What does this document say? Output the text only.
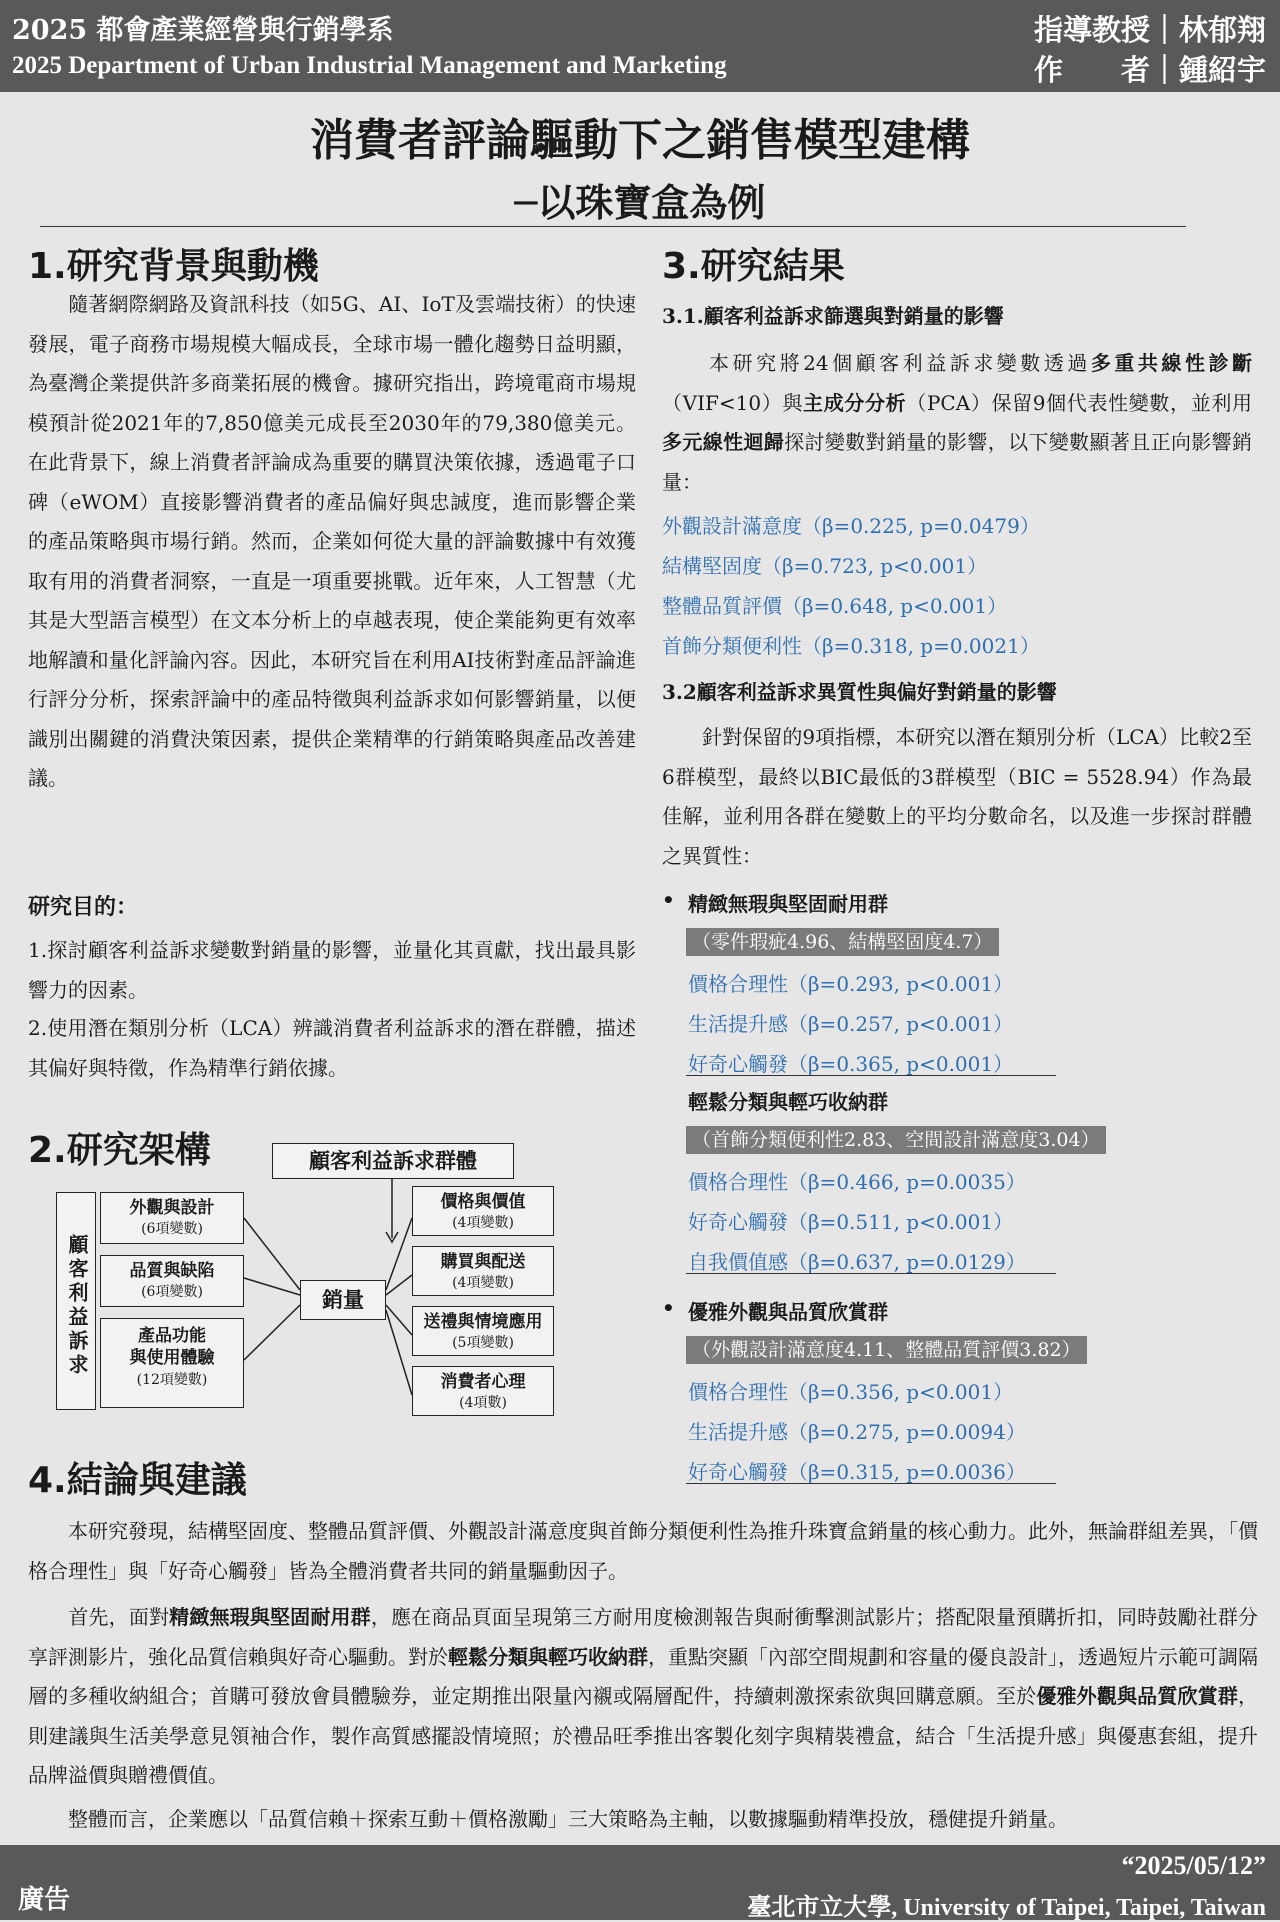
2025 都會產業經營與行銷學系
2025 Department of Urban Industrial Management and Marketing
指導教授｜林郁翔
作　　者｜鍾紹宇
消費者評論驅動下之銷售模型建構
─以珠寶盒為例
1.研究背景與動機
　　隨著網際網路及資訊科技（如5G、AI、IoT及雲端技術）的快速發展，電子商務市場規模大幅成長，全球市場一體化趨勢日益明顯，為臺灣企業提供許多商業拓展的機會。據研究指出，跨境電商市場規模預計從2021年的7,850億美元成長至2030年的79,380億美元。在此背景下，線上消費者評論成為重要的購買決策依據，透過電子口碑（eWOM）直接影響消費者的產品偏好與忠誠度，進而影響企業的產品策略與市場行銷。然而，企業如何從大量的評論數據中有效獲取有用的消費者洞察，一直是一項重要挑戰。近年來，人工智慧（尤其是大型語言模型）在文本分析上的卓越表現，使企業能夠更有效率地解讀和量化評論內容。因此，本研究旨在利用AI技術對產品評論進行評分分析，探索評論中的產品特徵與利益訴求如何影響銷量，以便識別出關鍵的消費決策因素，提供企業精準的行銷策略與產品改善建議。
研究目的：
1.探討顧客利益訴求變數對銷量的影響，並量化其貢獻，找出最具影響力的因素。
2.使用潛在類別分析（LCA）辨識消費者利益訴求的潛在群體，描述其偏好與特徵，作為精準行銷依據。
2.研究架構	顧客利益訴求群體
顧客利益訴求
外觀與設計
(6項變數)
品質與缺陷
(6項變數)
產品功能
與使用體驗
(12項變數)
銷量
價格與價值
(4項變數)
購買與配送
(4項變數)
送禮與情境應用
(5項變數)
消費者心理
(4項數)
3.研究結果
3.1.顧客利益訴求篩選與對銷量的影響
　　本研究將24個顧客利益訴求變數透過多重共線性診斷（VIF<10）與主成分分析（PCA）保留9個代表性變數，並利用多元線性迴歸探討變數對銷量的影響，以下變數顯著且正向影響銷量：
外觀設計滿意度（β=0.225, p=0.0479）
結構堅固度（β=0.723, p<0.001）
整體品質評價（β=0.648, p<0.001）
首飾分類便利性（β=0.318, p=0.0021）
3.2顧客利益訴求異質性與偏好對銷量的影響
　　針對保留的9項指標，本研究以潛在類別分析（LCA）比較2至6群模型，最終以BIC最低的3群模型（BIC = 5528.94）作為最佳解，並利用各群在變數上的平均分數命名，以及進一步探討群體之異質性：
• 精緻無瑕與堅固耐用群
（零件瑕疵4.96、結構堅固度4.7）
價格合理性（β=0.293, p<0.001）
生活提升感（β=0.257, p<0.001）
好奇心觸發（β=0.365, p<0.001）
輕鬆分類與輕巧收納群
（首飾分類便利性2.83、空間設計滿意度3.04）
價格合理性（β=0.466, p=0.0035）
好奇心觸發（β=0.511, p<0.001）
自我價值感（β=0.637, p=0.0129）
• 優雅外觀與品質欣賞群
（外觀設計滿意度4.11、整體品質評價3.82）
價格合理性（β=0.356, p<0.001）
生活提升感（β=0.275, p=0.0094）
好奇心觸發（β=0.315, p=0.0036）
4.結論與建議
　　本研究發現，結構堅固度、整體品質評價、外觀設計滿意度與首飾分類便利性為推升珠寶盒銷量的核心動力。此外，無論群組差異，「價格合理性」與「好奇心觸發」皆為全體消費者共同的銷量驅動因子。
　　首先，面對精緻無瑕與堅固耐用群，應在商品頁面呈現第三方耐用度檢測報告與耐衝擊測試影片；搭配限量預購折扣，同時鼓勵社群分享評測影片，強化品質信賴與好奇心驅動。對於輕鬆分類與輕巧收納群，重點突顯「內部空間規劃和容量的優良設計」，透過短片示範可調隔層的多種收納組合；首購可發放會員體驗券，並定期推出限量內襯或隔層配件，持續刺激探索欲與回購意願。至於優雅外觀與品質欣賞群，則建議與生活美學意見領袖合作，製作高質感擺設情境照；於禮品旺季推出客製化刻字與精裝禮盒，結合「生活提升感」與優惠套組，提升品牌溢價與贈禮價值。
　　整體而言，企業應以「品質信賴＋探索互動＋價格激勵」三大策略為主軸，以數據驅動精準投放，穩健提升銷量。
廣告
“2025/05/12”
臺北市立大學, University of Taipei, Taipei, Taiwan
